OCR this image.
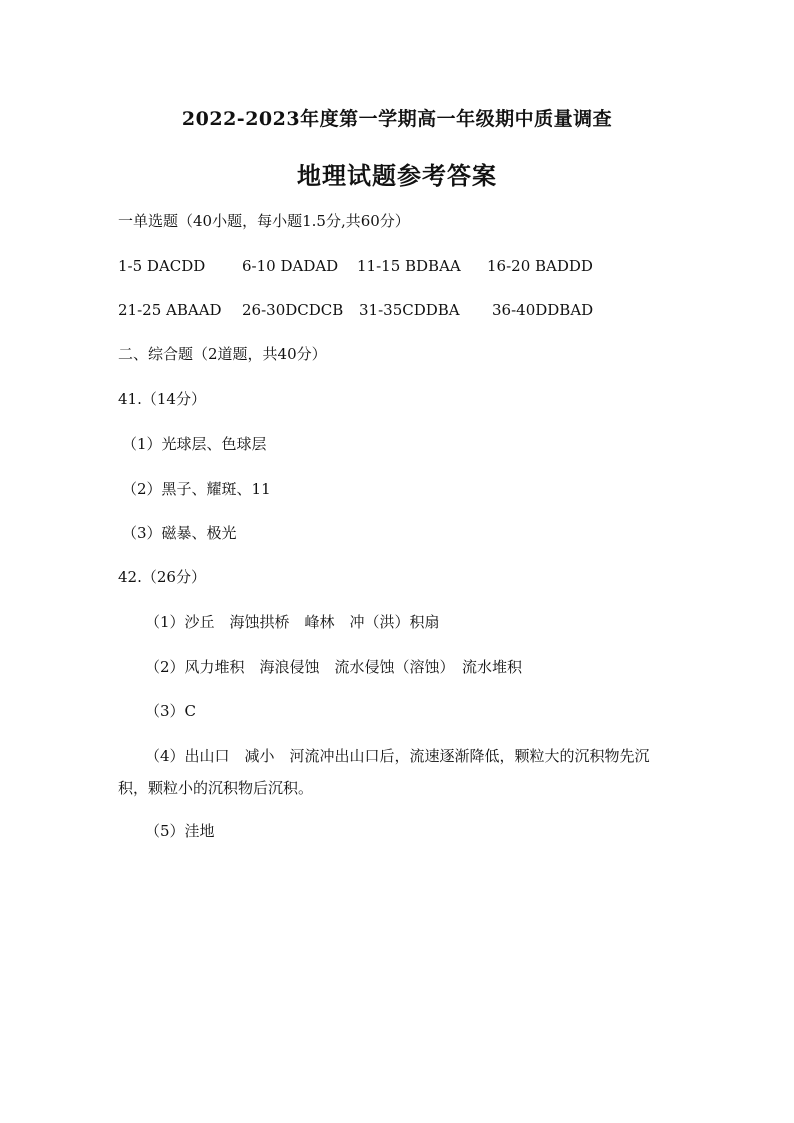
2022-2023年度第一学期高一年级期中质量调查
地理试题参考答案
一单选题（40小题，每小题1.5分,共60分）
1-5 DACDD 6-10 DADAD 11-15 BDBAA 16-20 BADDD
21-25 ABAAD 26-30DCDCB 31-35CDDBA 36-40DDBAD
二、综合题（2道题，共40分）
41.（14分）
（1）光球层、色球层
（2）黑子、耀斑、11
（3）磁暴、极光
42.（26分）
（1）沙丘　海蚀拱桥　峰林　冲（洪）积扇
（2）风力堆积　海浪侵蚀　流水侵蚀（溶蚀）　流水堆积
（3）C
（4）出山口　减小　河流冲出山口后，流速逐渐降低，颗粒大的沉积物先沉积，颗粒小的沉积物后沉积。
（5）洼地
